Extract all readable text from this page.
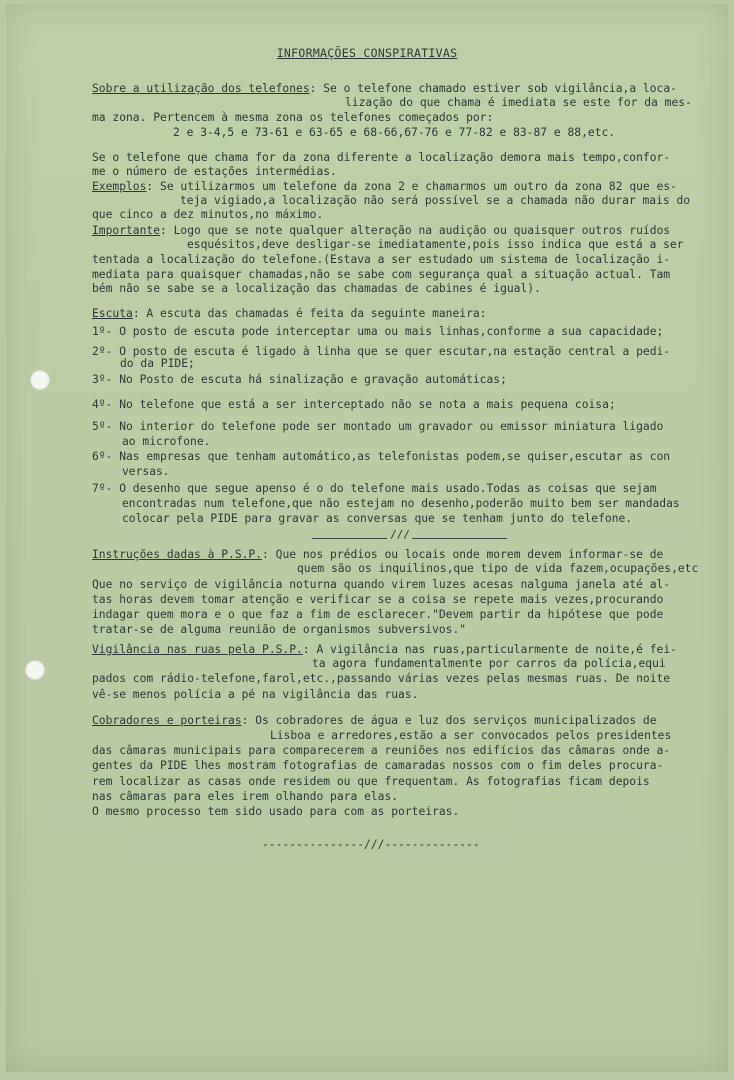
INFORMAÇÕES CONSPIRATIVAS
Sobre a utilização dos telefones: Se o telefone chamado estiver sob vigilância,a loca-
lização do que chama é imediata se este for da mes-
ma zona. Pertencem à mesma zona os telefones começados por:
2 e 3-4,5 e 73-61 e 63-65 e 68-66,67-76 e 77-82 e 83-87 e 88,etc.
Se o telefone que chama for da zona diferente a localização demora mais tempo,confor-
me o número de estações intermédias.
Exemplos: Se utilizarmos um telefone da zona 2 e chamarmos um outro da zona 82 que es-
teja vigiado,a localização não será possível se a chamada não durar mais do
que cinco a dez minutos,no máximo.
Importante: Logo que se note qualquer alteração na audição ou quaisquer outros ruídos
esquésitos,deve desligar-se imediatamente,pois isso indica que está a ser
tentada a localização do telefone.(Estava a ser estudado um sistema de localização i-
mediata para quaisquer chamadas,não se sabe com segurança qual a situação actual. Tam
bém não se sabe se a localização das chamadas de cabines é igual).
Escuta: A escuta das chamadas é feita da seguinte maneira:
1º- O posto de escuta pode interceptar uma ou mais linhas,conforme a sua capacidade;
2º- O posto de escuta é ligado à linha que se quer escutar,na estação central a pedi-
do da PIDE;
3º- No Posto de escuta há sinalização e gravação automáticas;
4º- No telefone que está a ser interceptado não se nota a mais pequena coisa;
5º- No interior do telefone pode ser montado um gravador ou emissor miniatura ligado
ao microfone.
6º- Nas empresas que tenham automático,as telefonistas podem,se quiser,escutar as con
versas.
7º- O desenho que segue apenso é o do telefone mais usado.Todas as coisas que sejam
encontradas num telefone,que não estejam no desenho,poderão muito bem ser mandadas
colocar pela PIDE para gravar as conversas que se tenham junto do telefone.
///
Instruções dadas à P.S.P.: Que nos prédios ou locais onde morem devem informar-se de
quem são os inquilinos,que tipo de vida fazem,ocupações,etc
Que no serviço de vigilância noturna quando virem luzes acesas nalguma janela até al-
tas horas devem tomar atenção e verificar se a coisa se repete mais vezes,procurando
indagar quem mora e o que faz a fim de esclarecer."Devem partir da hipótese que pode
tratar-se de alguma reunião de organismos subversivos."
Vigilância nas ruas pela P.S.P.: A vigilância nas ruas,particularmente de noite,é fei-
ta agora fundamentalmente por carros da polícia,equi
pados com rádio-telefone,farol,etc.,passando várias vezes pelas mesmas ruas. De noite
vê-se menos polícia a pé na vigilância das ruas.
Cobradores e porteiras: Os cobradores de água e luz dos serviços municipalizados de
Lisboa e arredores,estão a ser convocados pelos presidentes
das câmaras municipais para comparecerem a reuniões nos edifícios das câmaras onde a-
gentes da PIDE lhes mostram fotografias de camaradas nossos com o fim deles procura-
rem localizar as casas onde residem ou que frequentam. As fotografias ficam depois
nas câmaras para eles irem olhando para elas.
O mesmo processo tem sido usado para com as porteiras.
---------------///--------------
